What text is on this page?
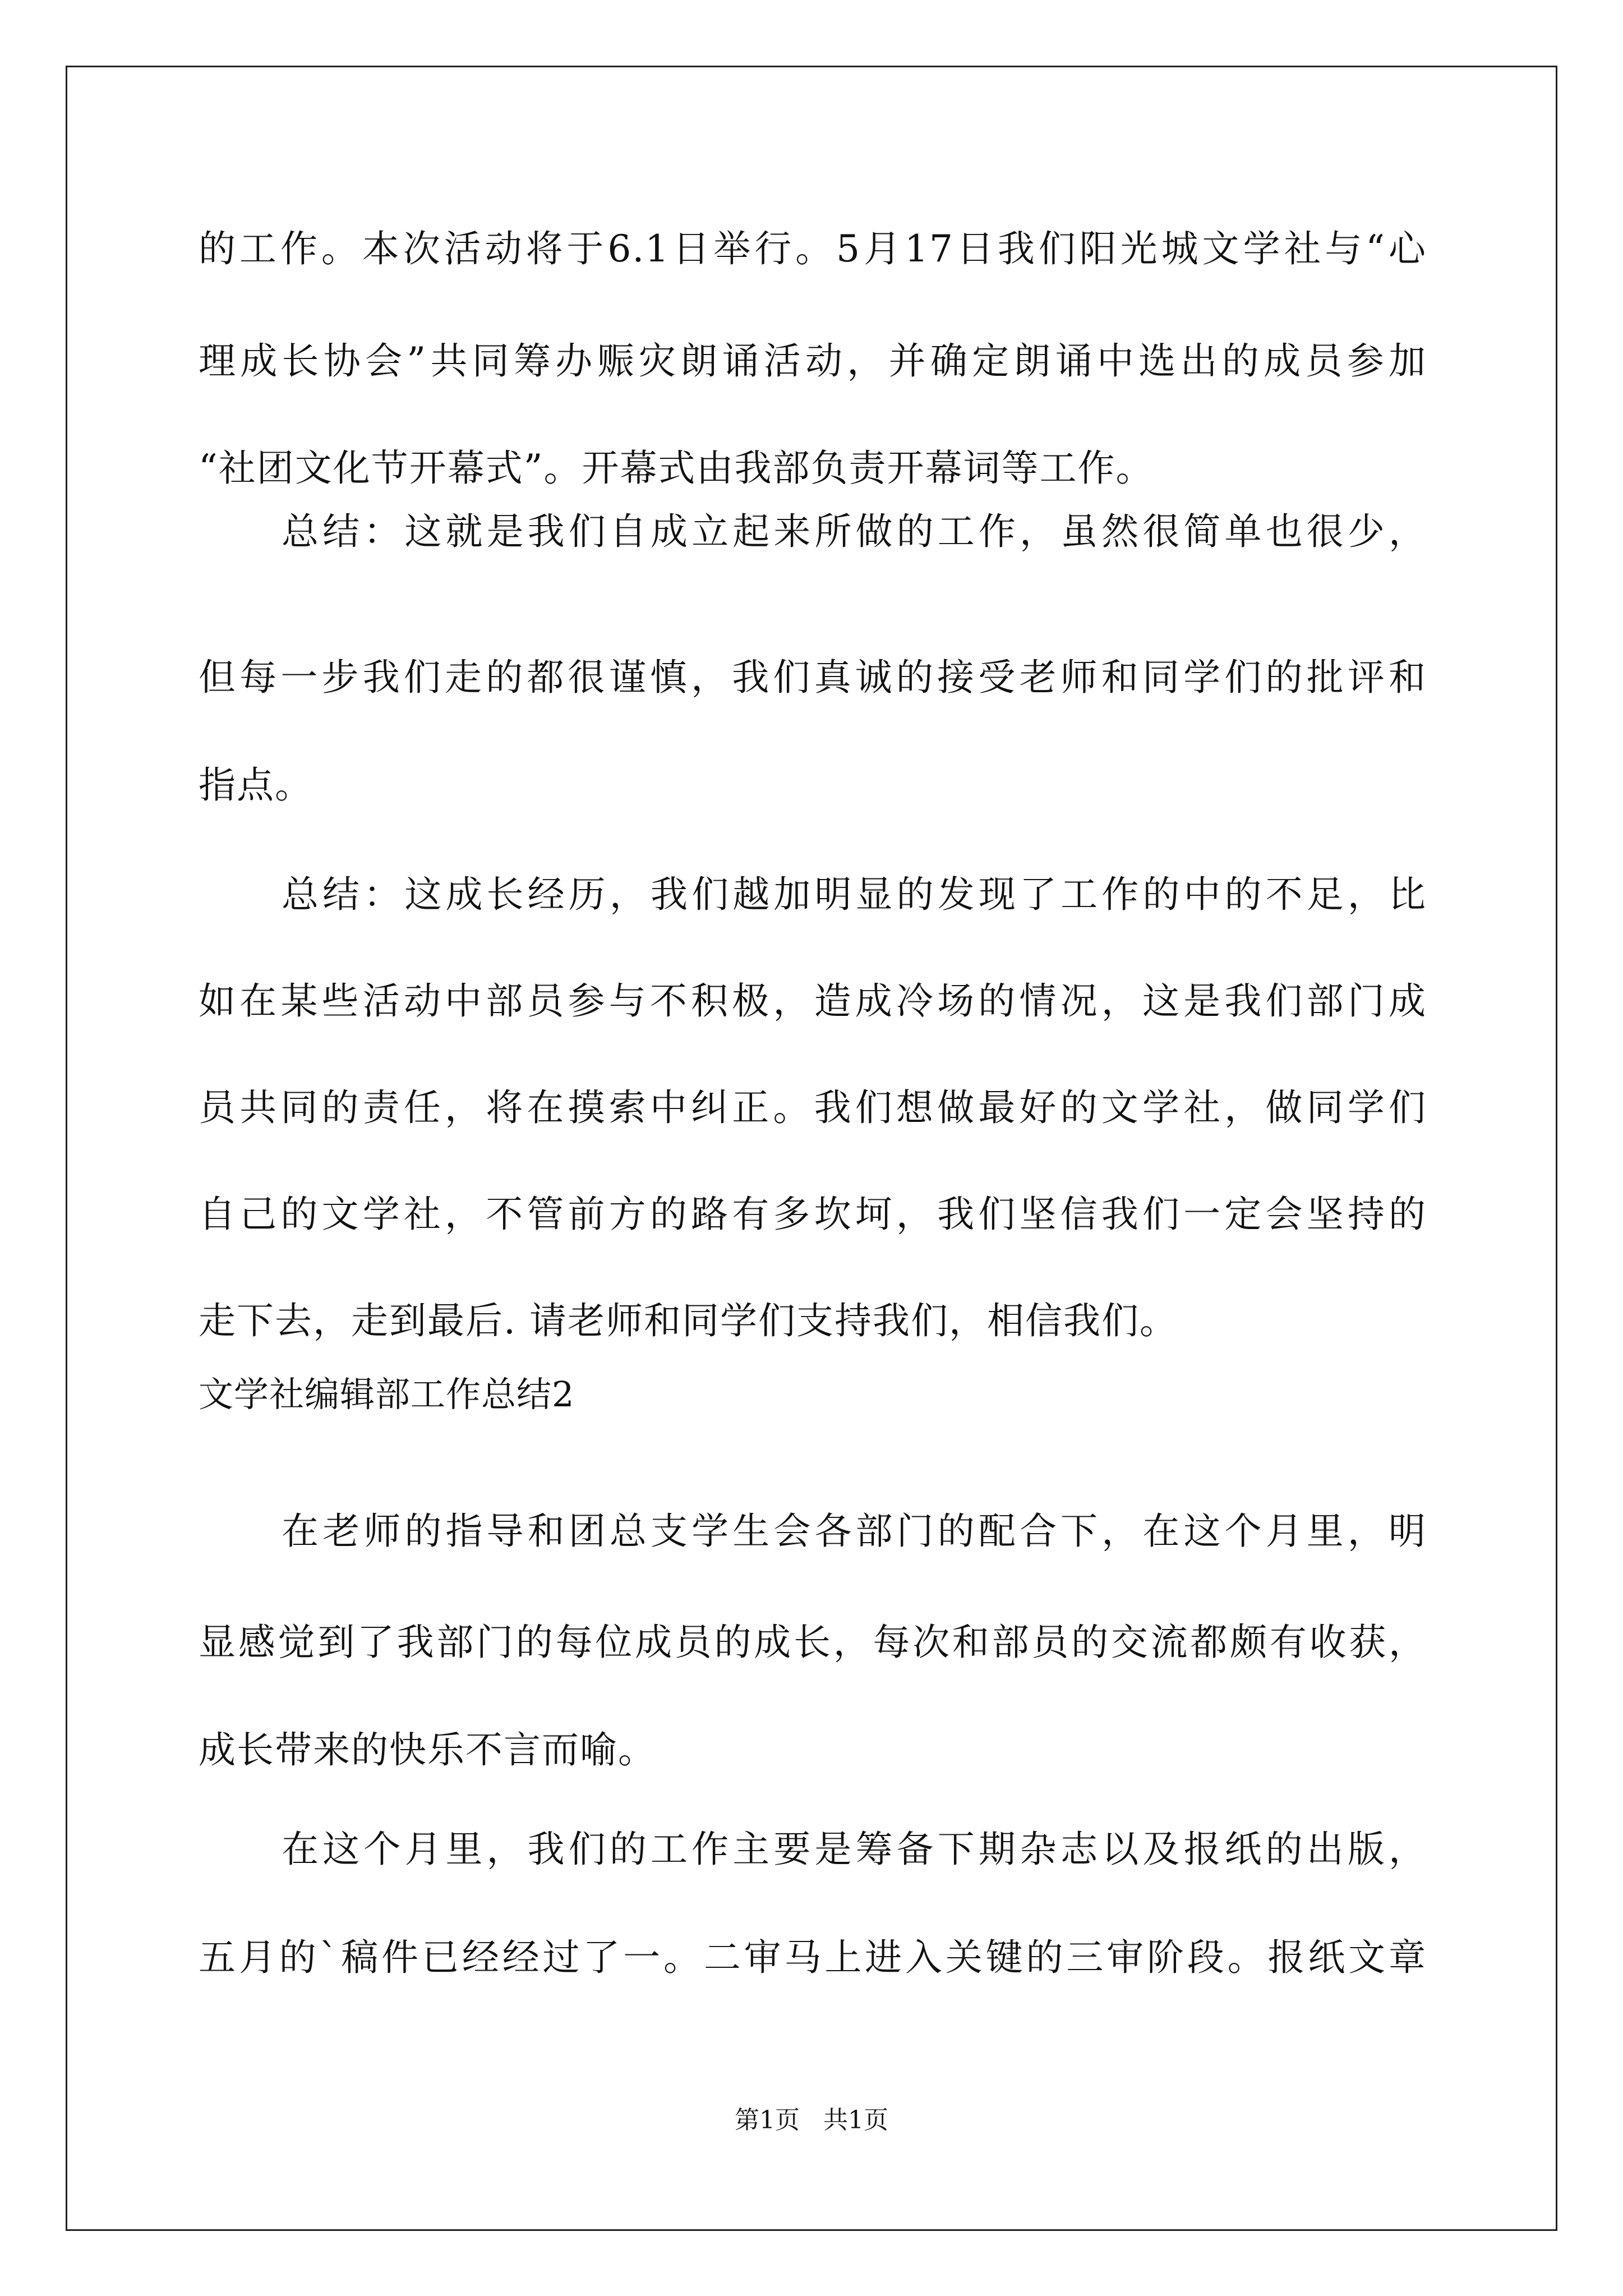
的工作。本次活动将于6.1日举行。5月17日我们阳光城文学社与“心
理成长协会”共同筹办赈灾朗诵活动，并确定朗诵中选出的成员参加
“社团文化节开幕式”。开幕式由我部负责开幕词等工作。
总结：这就是我们自成立起来所做的工作，虽然很简单也很少，
但每一步我们走的都很谨慎，我们真诚的接受老师和同学们的批评和
指点。
总结：这成长经历，我们越加明显的发现了工作的中的不足，比
如在某些活动中部员参与不积极，造成冷场的情况，这是我们部门成
员共同的责任，将在摸索中纠正。我们想做最好的文学社，做同学们
自己的文学社，不管前方的路有多坎坷，我们坚信我们一定会坚持的
走下去，走到最后. 请老师和同学们支持我们，相信我们。
文学社编辑部工作总结2
在老师的指导和团总支学生会各部门的配合下，在这个月里，明
显感觉到了我部门的每位成员的成长，每次和部员的交流都颇有收获，
成长带来的快乐不言而喻。
在这个月里，我们的工作主要是筹备下期杂志以及报纸的出版，
五月的`稿件已经经过了一。二审马上进入关键的三审阶段。报纸文章
第1页 共1页
